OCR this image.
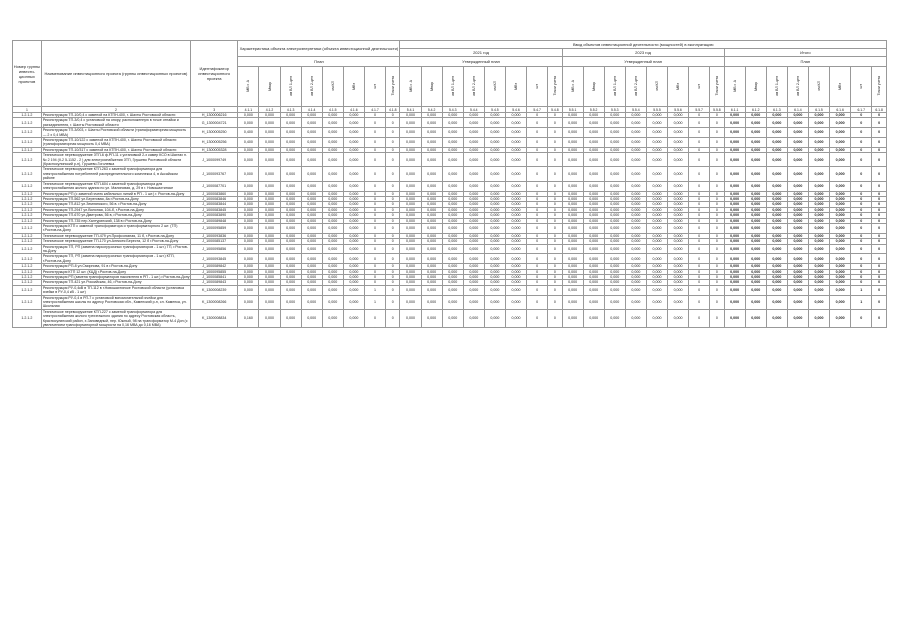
Номер группы инвести-ционных проектов	Наименование инвестиционного проекта (группы инвестиционных проектов)	Идентификатор инвестиционного проекта	Характеристика объекта электроэнергетики (объекта инвестиционной деятельности)								Ввод объектов инвестиционной деятельности (мощностей) в эксплуатацию																							
											2021 год								2023 год								Итого							
			План								Утвержденный план								Утвержденный план								План							
			МВ×А	Мвар	км ВЛ 1-цеп	км ВЛ 2-цеп	км КЛ	МВт	шт	Точки учета	МВ×А	Мвар	км ВЛ 1-цеп	км ВЛ 2-цеп	км КЛ	МВт	шт	Точки учета	МВ×А	Мвар	км ВЛ 1-цеп	км ВЛ 2-цеп	км КЛ	МВт	шт	Точки учета	МВ×А	Мвар	км ВЛ 1-цеп	км ВЛ 2-цеп	км КЛ	МВт	шт	Точки учета

1	2	3	4.1.1	4.1.2	4.1.3	4.1.4	4.1.5	4.1.6	4.1.7	4.1.8	5.4.1	5.4.2	5.4.3	5.4.4	5.4.5	5.4.6	5.4.7	5.4.8	5.5.1	5.5.2	5.5.3	5.5.4	5.5.5	5.5.6	5.5.7	5.5.8	6.1.1	6.1.2	6.1.3	6.1.4	6.1.5	6.1.6	6.1.7	6.1.8
1.2.1.2	Реконструкция ТП-10/0,4 с заменой на КТПН-400, г. Шахты Ростовской области	H_1300006216	0,000	0,000	0,000	0,000	0,000	0,000	0	0	0,000	0,000	0,000	0,000	0,000	0,000	0	0	0,000	0,000	0,000	0,000	0,000	0,000	0	0	0,000	0,000	0,000	0,000	0,000	0,000	0	0
1.2.1.2	Реконструкция ТП-3/0,4 с установкой на опору, расположенную в точке отпайки и разъединителя, г. Шахты Ростовской области	G_1300004721	0,000	0,000	0,000	0,000	0,000	0,000	0	0	0,000	0,000	0,000	0,000	0,000	0,000	0	0	0,000	0,000	0,000	0,000	0,000	0,000	0	0	0,000	0,000	0,000	0,000	0,000	0,000	0	0
1.2.1.2	Реконструкция ТП-3/003, г. Шахты Ростовской области (трансформаторная мощность — 2 х 0,4 МВА)	H_1300005250	0,400	0,000	0,000	0,000	0,000	0,000	0	0	0,000	0,000	0,000	0,000	0,000	0,000	0	0	0,000	0,000	0,000	0,000	0,000	0,000	0	0	0,000	0,000	0,000	0,000	0,000	0,000	0	0
1.2.1.2	Реконструкция ТП-10/122 с заменой на КТПН-400, г. Шахты Ростовской области (трансформаторная мощность 0,4 МВА)	H_1300005256	0,400	0,000	0,000	0,000	0,000	0,000	0	0	0,000	0,000	0,000	0,000	0,000	0,000	0	0	0,000	0,000	0,000	0,000	0,000	0,000	0	0	0,000	0,000	0,000	0,000	0,000	0,000	0	0
1.2.1.2	Реконструкция ТП-10/317 с заменой на КТПН-400, г. Шахты Ростовской области	H_1300005328	0,000	0,000	0,000	0,000	0,000	0,000	0	0	0,000	0,000	0,000	0,000	0,000	0,000	0	0	0,000	0,000	0,000	0,000	0,000	0,000	0	0	0,000	0,000	0,000	0,000	0,000	0,000	0	0
1.2.1.2	Техническое перевооружение ЗТП-6 ф.РП-11 с установкой 2-х камер КСО в Шахтах п. № 2 194 (II-2 5-1152 - 2 ) для электроснабжения ЗТП, Грушево Ростовской области (Красносулинский р-н), Грушево-Гоголевка	J_1000099749	0,000	0,000	0,000	0,000	0,000	0,000	0	0	0,000	0,000	0,000	0,000	0,000	0,000	0	0	0,000	0,000	0,000	0,000	0,000	0,000	0	0	0,000	0,000	0,000	0,000	0,000	0,000	0	0
1.2.1.2	Техническое перевооружение КТП-263 с заменой трансформатора для электроснабжения потребителей распределительного комплекса 4, в Аксайском районе	J_1000093767	0,000	0,000	0,000	0,000	0,000	0,000	0	0	0,000	0,000	0,000	0,000	0,000	0,000	0	0	0,000	0,000	0,000	0,000	0,000	0,000	0	0	0,000	0,000	0,000	0,000	0,000	0,000	0	0
1.2.1.2	Техническое перевооружение КТП-604 с заменой трансформатора для электроснабжения жилого здания по ул. Малиновая, д. 29 в г. Новошахтинске	J_1000087701	0,000	0,000	0,000	0,000	0,000	0,000	0	0	0,000	0,000	0,000	0,000	0,000	0,000	0	0	0,000	0,000	0,000	0,000	0,000	0,000	0	0	0,000	0,000	0,000	0,000	0,000	0,000	0	0
1.2.1.2	Реконструкция РП (с заменой ячеек кабельных линий в РП - 1 шт.) г. Ростов-на-Дону	J_1000083860	0,000	0,000	0,000	0,000	0,000	0,000	0	0	0,000	0,000	0,000	0,000	0,000	0,000	0	0	0,000	0,000	0,000	0,000	0,000	0,000	0	0	0,000	0,000	0,000	0,000	0,000	0,000	0	0
1.2.1.2	Реконструкция ТП-562 ул.Береговая, 8а г.Ростов-на-Дону	J_1000083846	0,000	0,000	0,000	0,000	0,000	0,000	0	0	0,000	0,000	0,000	0,000	0,000	0,000	0	0	0,000	0,000	0,000	0,000	0,000	0,000	0	0	0,000	0,000	0,000	0,000	0,000	0,000	0	0
1.2.1.2	Реконструкция ТП-812 ул.Землянского, 56 в. г.Ростов-на-Дону	J_1000083844	0,000	0,000	0,000	0,000	0,000	0,000	0	0	0,000	0,000	0,000	0,000	0,000	0,000	0	0	0,000	0,000	0,000	0,000	0,000	0,000	0	0	0,000	0,000	0,000	0,000	0,000	0,000	0	0
1.2.1.2	Реконструкция ТП-2947 ул.Вилоная, 104-б, г.Ростов-на-Дону	J_1000083845	0,000	0,000	0,000	0,000	0,000	0,000	0	0	0,000	0,000	0,000	0,000	0,000	0,000	0	0	0,000	0,000	0,000	0,000	0,000	0,000	0	0	0,000	0,000	0,000	0,000	0,000	0,000	0	0
1.2.1.2	Реконструкция ТП-670 ул.Дмитрова, 56 в, г.Ростов-на-Дону	J_1000083890	0,000	0,000	0,000	0,000	0,000	0,000	0	0	0,000	0,000	0,000	0,000	0,000	0,000	0	0	0,000	0,000	0,000	0,000	0,000	0,000	0	0	0,000	0,000	0,000	0,000	0,000	0,000	0	0
1.2.1.2	Реконструкция ТП-735 пер.Халтуринский, 138 в г.Ростов-на-Дону	J_1000089848	0,000	0,000	0,000	0,000	0,000	0,000	0	0	0,000	0,000	0,000	0,000	0,000	0,000	0	0	0,000	0,000	0,000	0,000	0,000	0,000	0	0	0,000	0,000	0,000	0,000	0,000	0,000	0	0
1.2.1.2	Реконструкция КТП с заменой трансформатора и трансформаторного 2 шт. (ТП) г.Ростов-на-Дону	J_1000095859	0,000	0,000	0,000	0,000	0,000	0,000	0	0	0,000	0,000	0,000	0,000	0,000	0,000	0	0	0,000	0,000	0,000	0,000	0,000	0,000	0	0	0,000	0,000	0,000	0,000	0,000	0,000	0	0
1.2.1.2	Техническое перевооружение ТП-479 ул.Профсоюзная, 11 б, г.Ростов-на-Дону	J_1000093836	0,000	0,000	0,000	0,000	0,000	0,000	0	0	0,000	0,000	0,000	0,000	0,000	0,000	0	0	0,000	0,000	0,000	0,000	0,000	0,000	0	0	0,000	0,000	0,000	0,000	0,000	0,000	0	0
1.2.1.2	Техническое перевооружение ТП-170 ул.Алексея Береста, 12 б г.Ростов-на-Дону	J_1000085137	0,000	0,000	0,000	0,000	0,000	0,000	0	0	0,000	0,000	0,000	0,000	0,000	0,000	0	0	0,000	0,000	0,000	0,000	0,000	0,000	0	0	0,000	0,000	0,000	0,000	0,000	0,000	0	0
1.2.1.2	Реконструкция ТП, РП (замена паркогрузочных трансформаторов - 1 шт.) ТП, г.Ростов-на-Дону	J_1000095856	0,000	0,000	0,000	0,000	0,000	0,000	0	0	0,000	0,000	0,000	0,000	0,000	0,000	0	0	0,000	0,000	0,000	0,000	0,000	0,000	0	0	0,000	0,000	0,000	0,000	0,000	0,000	0	0
1.2.1.2	Реконструкция ТП, РП (замена паркогрузочных трансформаторов - 1 шт.) КТП, г.Ростов-на-Дону	J_1000093845	0,000	0,000	0,000	0,000	0,000	0,000	0	0	0,000	0,000	0,000	0,000	0,000	0,000	0	0	0,000	0,000	0,000	0,000	0,000	0,000	0	0	0,000	0,000	0,000	0,000	0,000	0,000	0	0
1.2.1.2	Реконструкция РП-8 ул.Смирнова, 91 в г.Ростов-на-Дону	J_1000089842	0,000	0,000	0,000	0,000	0,000	0,000	0	0	0,000	0,000	0,000	0,000	0,000	0,000	0	0	0,000	0,000	0,000	0,000	0,000	0,000	0	0	0,000	0,000	0,000	0,000	0,000	0,000	0	0
1.2.1.2	Реконструкция КТП 12 шт. (КЦД) г.Ростов-на-Дону	J_1000095855	0,000	0,000	0,000	0,000	0,000	0,000	0	0	0,000	0,000	0,000	0,000	0,000	0,000	0	0	0,000	0,000	0,000	0,000	0,000	0,000	0	0	0,000	0,000	0,000	0,000	0,000	0,000	0	0
1.2.1.2	Реконструкция РП (замена трансформаторов накопителя в РП - 1 шт.) г.Ростов-на-Дону	J_1000085841	0,000	0,000	0,000	0,000	0,000	0,000	0	0	0,000	0,000	0,000	0,000	0,000	0,000	0	0	0,000	0,000	0,000	0,000	0,000	0,000	0	0	0,000	0,000	0,000	0,000	0,000	0,000	0	0
1.2.1.2	Реконструкция ТП-421 ул.Российская, 46, г.Ростов-на-Дону	J_1000089843	0,000	0,000	0,000	0,000	0,000	0,000	0	0	0,000	0,000	0,000	0,000	0,000	0,000	0	0	0,000	0,000	0,000	0,000	0,000	0,000	0	0	0,000	0,000	0,000	0,000	0,000	0,000	0	0
1.2.1.2	Реконструкция РУ-0,4кВ в ТП-112 в г.Новошахтинске Ростовской области (установка ячейки в РУ-0,4 кВ - 1 шт)	K_1300008239	0,000	0,000	0,000	0,000	0,000	0,000	1	0	0,000	0,000	0,000	0,000	0,000	0,000	0	0	0,000	0,000	0,000	0,000	0,000	0,000	0	0	0,000	0,000	0,000	0,000	0,000	0,000	1	0
1.2.1.2	Реконструкция РУ-0,4 в РП-7 с установкой вспомогательной ячейки для электроснабжения школы по адресу Ростовская обл., Каменский р-н, сл. Каменка, ул. Школьная	K_1300008266	0,000	0,000	0,000	0,000	0,000	0,000	1	0	0,000	0,000	0,000	0,000	0,000	0,000	0	0	0,000	0,000	0,000	0,000	0,000	0,000	0	0	0,000	0,000	0,000	0,000	0,000	0,000	1	0
1.2.1.2	Техническое перевооружение КТП-227 с заменой трансформатора для электроснабжения жилого трехэтажного здания по адресу Ростовская область, Красносулинский район, х.Заповедный, пер. Южный, 98 на трансформатор М-4 Дон (с увеличением трансформаторной мощности на 0,16 МВА до 0,16 МВА)	K_1300008834	0,160	0,000	0,000	0,000	0,000	0,000	0	0	0,000	0,000	0,000	0,000	0,000	0,000	0	0	0,000	0,000	0,000	0,000	0,000	0,000	0	0	0,000	0,000	0,000	0,000	0,000	0,000	0	0
